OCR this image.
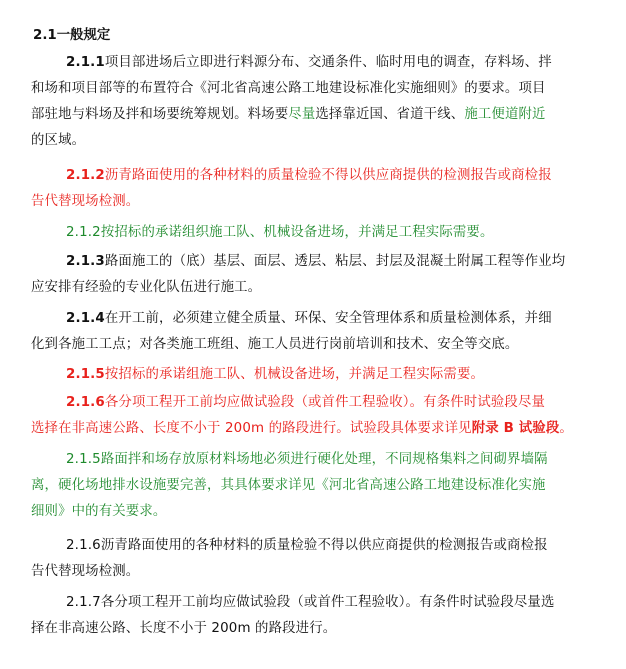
2.1一般规定
2.1.1项目部进场后立即进行料源分布、交通条件、临时用电的调查，存料场、拌
和场和项目部等的布置符合《河北省高速公路工地建设标准化实施细则》的要求。项目
部驻地与料场及拌和场要统筹规划。料场要尽量选择靠近国、省道干线、施工便道附近
的区域。
2.1.2沥青路面使用的各种材料的质量检验不得以供应商提供的检测报告或商检报
告代替现场检测。
2.1.2按招标的承诺组织施工队、机械设备进场，并满足工程实际需要。
2.1.3路面施工的（底）基层、面层、透层、粘层、封层及混凝土附属工程等作业均
应安排有经验的专业化队伍进行施工。
2.1.4在开工前，必须建立健全质量、环保、安全管理体系和质量检测体系，并细
化到各施工工点；对各类施工班组、施工人员进行岗前培训和技术、安全等交底。
2.1.5按招标的承诺组施工队、机械设备进场，并满足工程实际需要。
2.1.6各分项工程开工前均应做试验段（或首件工程验收）。有条件时试验段尽量
选择在非高速公路、长度不小于 200m 的路段进行。试验段具体要求详见附录 B 试验段。
2.1.5路面拌和场存放原材料场地必须进行硬化处理，不同规格集料之间砌界墙隔
离，硬化场地排水设施要完善，其具体要求详见《河北省高速公路工地建设标准化实施
细则》中的有关要求。
2.1.6沥青路面使用的各种材料的质量检验不得以供应商提供的检测报告或商检报
告代替现场检测。
2.1.7各分项工程开工前均应做试验段（或首件工程验收）。有条件时试验段尽量选
择在非高速公路、长度不小于 200m 的路段进行。
